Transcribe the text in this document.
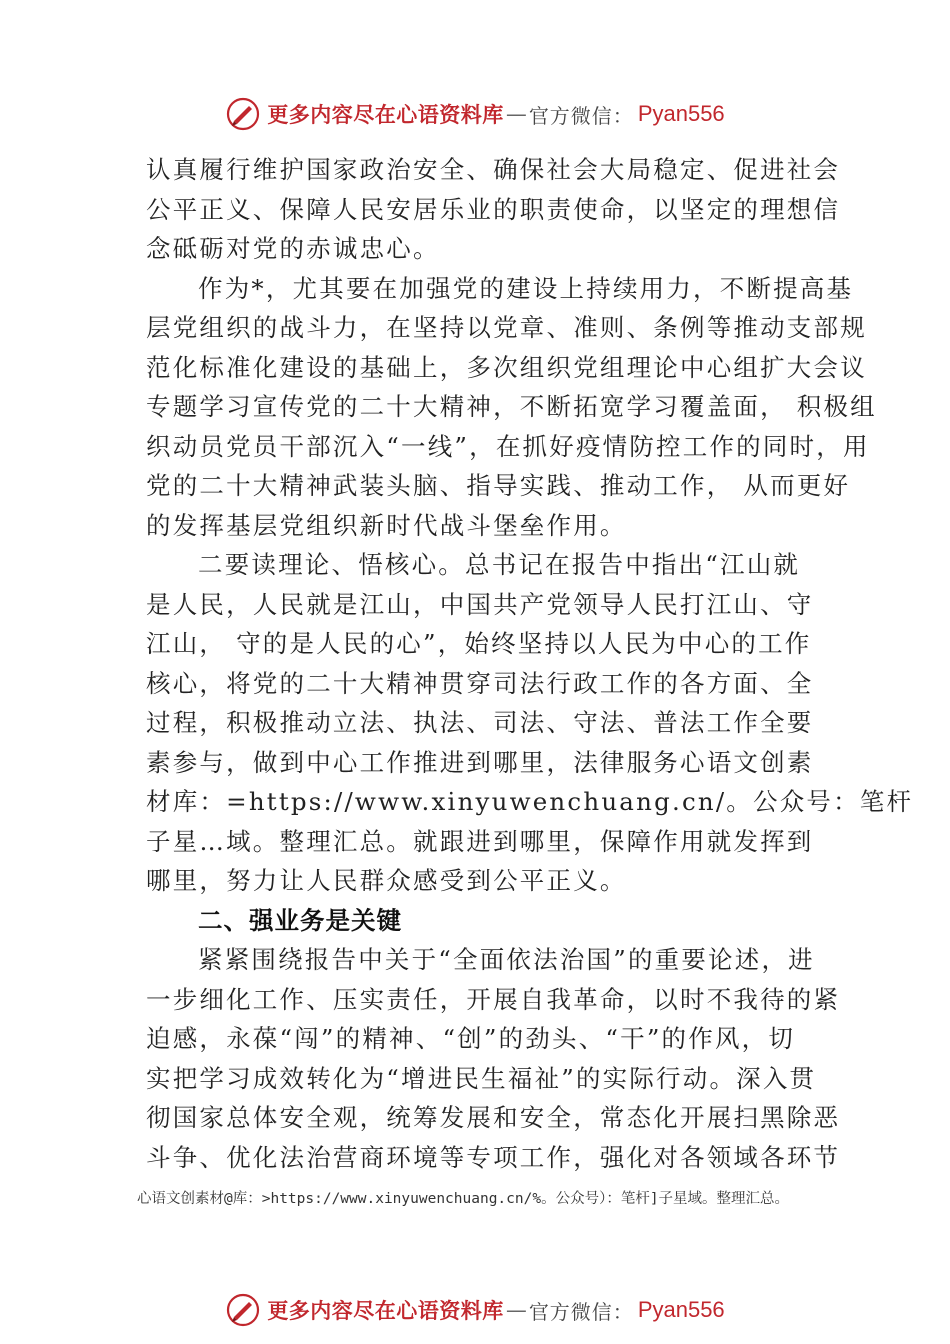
更多内容尽在心语资料库 — 官方微信： Pyan556
认真履行维护国家政治安全、确保社会大局稳定、促进社会
公平正义、保障人民安居乐业的职责使命，以坚定的理想信
念砥砺对党的赤诚忠心。
作为*，尤其要在加强党的建设上持续用力，不断提高基
层党组织的战斗力，在坚持以党章、准则、条例等推动支部规
范化标准化建设的基础上，多次组织党组理论中心组扩大会议
专题学习宣传党的二十大精神，不断拓宽学习覆盖面， 积极组
织动员党员干部沉入“一线”，在抓好疫情防控工作的同时，用
党的二十大精神武装头脑、指导实践、推动工作， 从而更好
的发挥基层党组织新时代战斗堡垒作用。
二要读理论、悟核心。总书记在报告中指出“江山就
是人民，人民就是江山，中国共产党领导人民打江山、守
江山， 守的是人民的心”，始终坚持以人民为中心的工作
核心，将党的二十大精神贯穿司法行政工作的各方面、全
过程，积极推动立法、执法、司法、守法、普法工作全要
素参与，做到中心工作推进到哪里，法律服务心语文创素
材库：=https://www.xinyuwenchuang.cn/。公众号：笔杆
子星…域。整理汇总。就跟进到哪里，保障作用就发挥到
哪里，努力让人民群众感受到公平正义。
二、强业务是关键
紧紧围绕报告中关于“全面依法治国”的重要论述，进
一步细化工作、压实责任，开展自我革命，以时不我待的紧
迫感，永葆“闯”的精神、“创”的劲头、“干”的作风，切
实把学习成效转化为“增进民生福祉”的实际行动。深入贯
彻国家总体安全观，统筹发展和安全，常态化开展扫黑除恶
斗争、优化法治营商环境等专项工作，强化对各领域各环节
心语文创素材@库：>https://www.xinyuwenchuang.cn/%。公众号）：笔杆]子星域。整理汇总。
更多内容尽在心语资料库 — 官方微信： Pyan556
